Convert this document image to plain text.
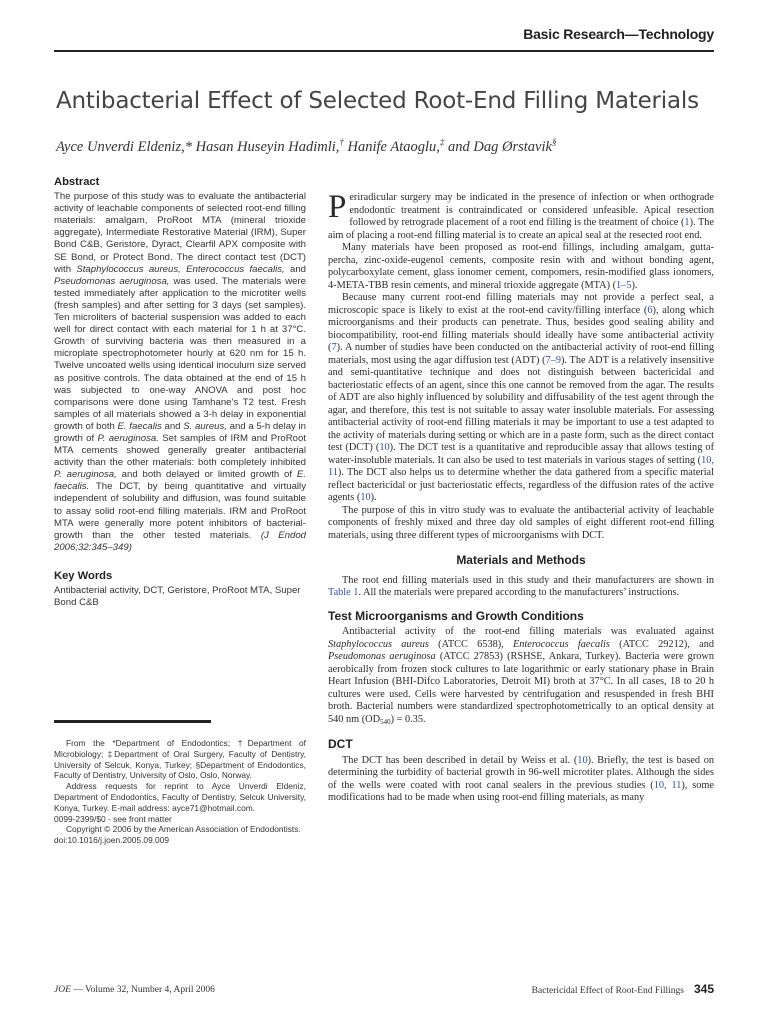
Basic Research—Technology
Antibacterial Effect of Selected Root-End Filling Materials
Ayce Unverdi Eldeniz,* Hasan Huseyin Hadimli,† Hanife Ataoglu,‡ and Dag Ørstavik§
Abstract
The purpose of this study was to evaluate the antibacterial activity of leachable components of selected root-end filling materials: amalgam, ProRoot MTA (mineral trioxide aggregate), Intermediate Restorative Material (IRM), Super Bond C&B, Geristore, Dyract, Clearfil APX composite with SE Bond, or Protect Bond. The direct contact test (DCT) with Staphylococcus aureus, Enterococcus faecalis, and Pseudomonas aeruginosa, was used. The materials were tested immediately after application to the microtiter wells (fresh samples) and after setting for 3 days (set samples). Ten microliters of bacterial suspension was added to each well for direct contact with each material for 1 h at 37°C. Growth of surviving bacteria was then measured in a microplate spectrophotometer hourly at 620 nm for 15 h. Twelve uncoated wells using identical inoculum size served as positive controls. The data obtained at the end of 15 h was subjected to one-way ANOVA and post hoc comparisons were done using Tamhane’s T2 test. Fresh samples of all materials showed a 3-h delay in exponential growth of both E. faecalis and S. aureus, and a 5-h delay in growth of P. aeruginosa. Set samples of IRM and ProRoot MTA cements showed generally greater antibacterial activity than the other materials: both completely inhibited P. aeruginosa, and both delayed or limited growth of E. faecalis. The DCT, by being quantitative and virtually independent of solubility and diffusion, was found suitable to assay solid root-end filling materials. IRM and ProRoot MTA were generally more potent inhibitors of bacterial-growth than the other tested materials. (J Endod 2006;32:345–349)
Key Words
Antibacterial activity, DCT, Geristore, ProRoot MTA, Super Bond C&B

From the *Department of Endodontics; †Department of Microbiology; ‡Department of Oral Surgery, Faculty of Dentistry, University of Selcuk, Konya, Turkey; §Department of Endodontics, Faculty of Dentistry, University of Oslo, Oslo, Norway.

Address requests for reprint to Ayce Unverdi Eldeniz, Department of Endodontics, Faculty of Dentistry, Selcuk University, Konya, Turkey. E-mail address: ayce71@hotmail.com.

0099-2399/$0 - see front matter

Copyright © 2006 by the American Association of Endodontists.

doi:10.1016/j.joen.2005.09.009

Periradicular surgery may be indicated in the presence of infection or when orthograde endodontic treatment is contraindicated or considered unfeasible. Apical resection followed by retrograde placement of a root end filling is the treatment of choice (1). The aim of placing a root-end filling material is to create an apical seal at the resected root end.

Many materials have been proposed as root-end fillings, including amalgam, gutta-percha, zinc-oxide-eugenol cements, composite resin with and without bonding agent, polycarboxylate cement, glass ionomer cement, compomers, resin-modified glass ionomers, 4-META-TBB resin cements, and mineral trioxide aggregate (MTA) (1–5).

Because many current root-end filling materials may not provide a perfect seal, a microscopic space is likely to exist at the root-end cavity/filling interface (6), along which microorganisms and their products can penetrate. Thus, besides good sealing ability and biocompatibility, root-end filling materials should ideally have some antibacterial activity (7). A number of studies have been conducted on the antibacterial activity of root-end filling materials, most using the agar diffusion test (ADT) (7–9). The ADT is a relatively insensitive and semi-quantitative technique and does not distinguish between bactericidal and bacteriostatic effects of an agent, since this one cannot be removed from the agar. The results of ADT are also highly influenced by solubility and diffusability of the test agent through the agar, and therefore, this test is not suitable to assay water insoluble materials. For assessing antibacterial activity of root-end filling materials it may be important to use a test adapted to the activity of materials during setting or which are in a paste form, such as the direct contact test (DCT) (10). The DCT test is a quantitative and reproducible assay that allows testing of water-insoluble materials. It can also be used to test materials in various stages of setting (10, 11). The DCT also helps us to determine whether the data gathered from a specific material reflect bactericidal or just bacteriostatic effects, regardless of the diffusion rates of the active agents (10).

The purpose of this in vitro study was to evaluate the antibacterial activity of leachable components of freshly mixed and three day old samples of eight different root-end filling materials, using three different types of microorganisms with DCT.

Materials and Methods

The root end filling materials used in this study and their manufacturers are shown in Table 1. All the materials were prepared according to the manufacturers’ instructions.

Test Microorganisms and Growth Conditions

Antibacterial activity of the root-end filling materials was evaluated against Staphylococcus aureus (ATCC 6538), Enterococcus faecalis (ATCC 29212), and Pseudomonas aeruginosa (ATCC 27853) (RSHSE, Ankara, Turkey). Bacteria were grown aerobically from frozen stock cultures to late logarithmic or early stationary phase in Brain Heart Infusion (BHI-Difco Laboratories, Detroit MI) broth at 37°C. In all cases, 18 to 20 h cultures were used. Cells were harvested by centrifugation and resuspended in fresh BHI broth. Bacterial numbers were standardized spectrophotometrically to an optical density at 540 nm $(OD_{540}) = 0.35$.

DCT

The DCT has been described in detail by Weiss et al. (10). Briefly, the test is based on determining the turbidity of bacterial growth in 96-well microtiter plates. Although the sides of the wells were coated with root canal sealers in the previous studies (10, 11), some modifications had to be made when using root-end filling materials, as many

JOE — Volume 32, Number 4, April 2006	Bactericidal Effect of Root-End Fillings 345
